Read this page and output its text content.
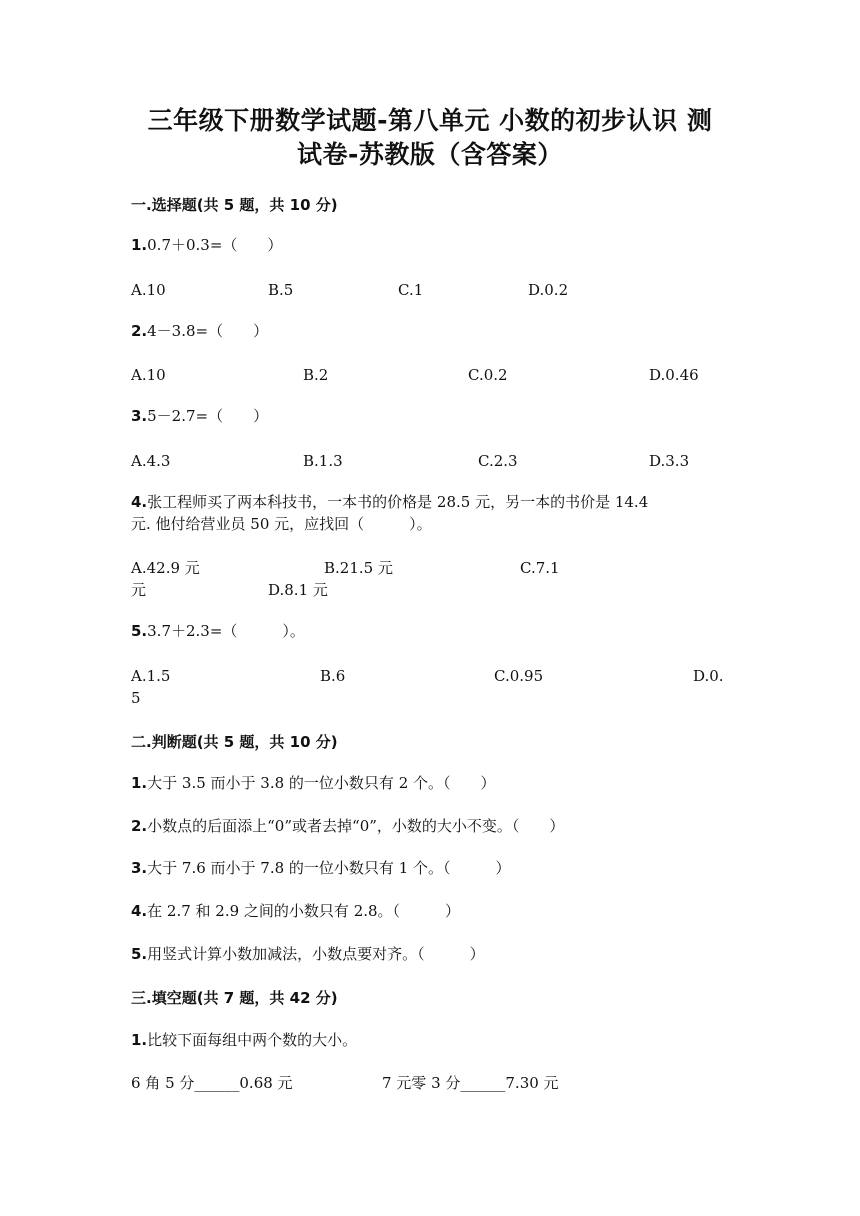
三年级下册数学试题-第八单元 小数的初步认识 测
试卷-苏教版（含答案）
一.选择题(共 5 题，共 10 分)
1.0.7＋0.3=（　　）
A.10	B.5	C.1	D.0.2
2.4－3.8=（　　）
A.10	B.2	C.0.2	D.0.46
3.5－2.7=（　　）
A.4.3	B.1.3	C.2.3	D.3.3
4.张工程师买了两本科技书，一本书的价格是 28.5 元，另一本的书价是 14.4
元. 他付给营业员 50 元，应找回（　　　）。
A.42.9 元	B.21.5 元	C.7.1
元	D.8.1 元
5.3.7＋2.3=（　　　）。
A.1.5	B.6	C.0.95	D.0.
5
二.判断题(共 5 题，共 10 分)
1.大于 3.5 而小于 3.8 的一位小数只有 2 个。（　　）
2.小数点的后面添上“0”或者去掉“0”，小数的大小不变。（　　）
3.大于 7.6 而小于 7.8 的一位小数只有 1 个。（　　　）
4.在 2.7 和 2.9 之间的小数只有 2.8。（　　　）
5.用竖式计算小数加减法，小数点要对齐。（　　　）
三.填空题(共 7 题，共 42 分)
1.比较下面每组中两个数的大小。
6 角 5 分______0.68 元	7 元零 3 分______7.30 元
